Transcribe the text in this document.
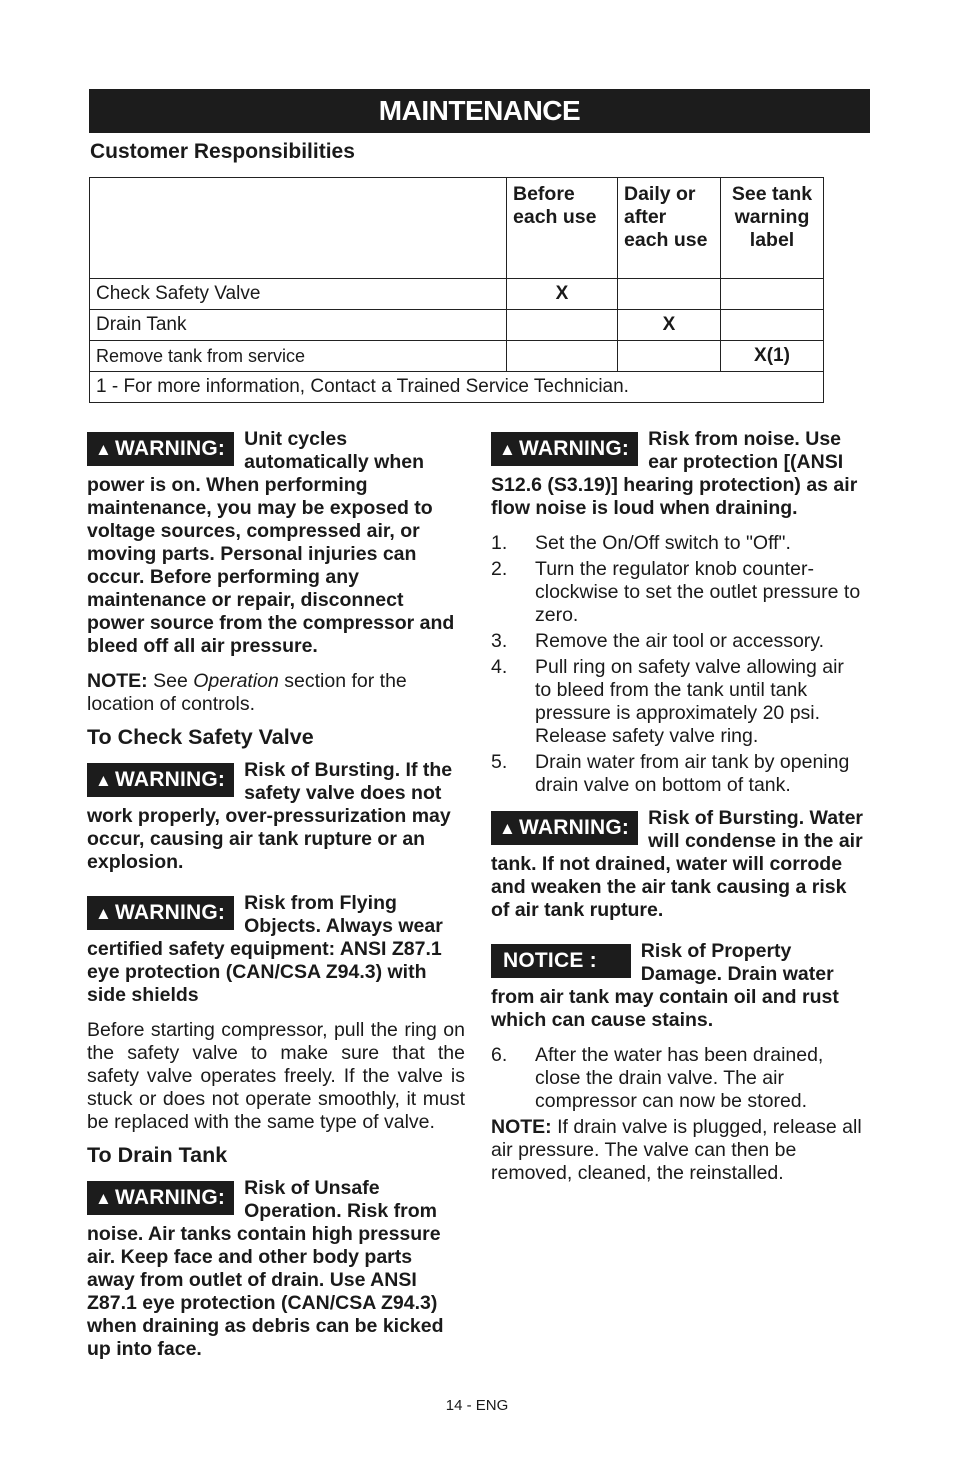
MAINTENANCE
Customer Responsibilities
	Before each use	Daily or after each use	See tank warning label
Check Safety Valve	X		
Drain Tank		X	
Remove tank from service			X(1)
1 - For more information, Contact a Trained Service Technician.			
▲ WARNING: Unit cycles automatically when power is on. When performing maintenance, you may be exposed to voltage sources, compressed air, or moving parts. Personal injuries can occur. Before performing any maintenance or repair, disconnect power source from the compressor and bleed off all air pressure.

NOTE: See Operation section for the location of controls.

To Check Safety Valve
▲ WARNING: Risk of Bursting. If the safety valve does not work properly, over-pressurization may occur, causing air tank rupture or an explosion.
▲ WARNING: Risk from Flying Objects. Always wear certified safety equipment: ANSI Z87.1 eye protection (CAN/CSA Z94.3) with side shields

Before starting compressor, pull the ring on the safety valve to make sure that the safety valve operates freely. If the valve is stuck or does not operate smoothly, it must be replaced with the same type of valve.

To Drain Tank
▲ WARNING: Risk of Unsafe Operation. Risk from noise. Air tanks contain high pressure air. Keep face and other body parts away from outlet of drain. Use ANSI Z87.1 eye protection (CAN/CSA Z94.3) when draining as debris can be kicked up into face.
▲ WARNING: Risk from noise. Use ear protection [(ANSI S12.6 (S3.19)] hearing protection) as air flow noise is loud when draining.
1. Set the On/Off switch to "Off".
2. Turn the regulator knob counter-clockwise to set the outlet pressure to zero.
3. Remove the air tool or accessory.
4. Pull ring on safety valve allowing air to bleed from the tank until tank pressure is approximately 20 psi. Release safety valve ring.
5. Drain water from air tank by opening drain valve on bottom of tank.
▲ WARNING: Risk of Bursting. Water will condense in the air tank. If not drained, water will corrode and weaken the air tank causing a risk of air tank rupture.
NOTICE :	Risk of Property Damage. Drain water from air tank may contain oil and rust which can cause stains.
6. After the water has been drained, close the drain valve. The air compressor can now be stored.

NOTE: If drain valve is plugged, release all air pressure. The valve can then be removed, cleaned, the reinstalled.

14 - ENG
